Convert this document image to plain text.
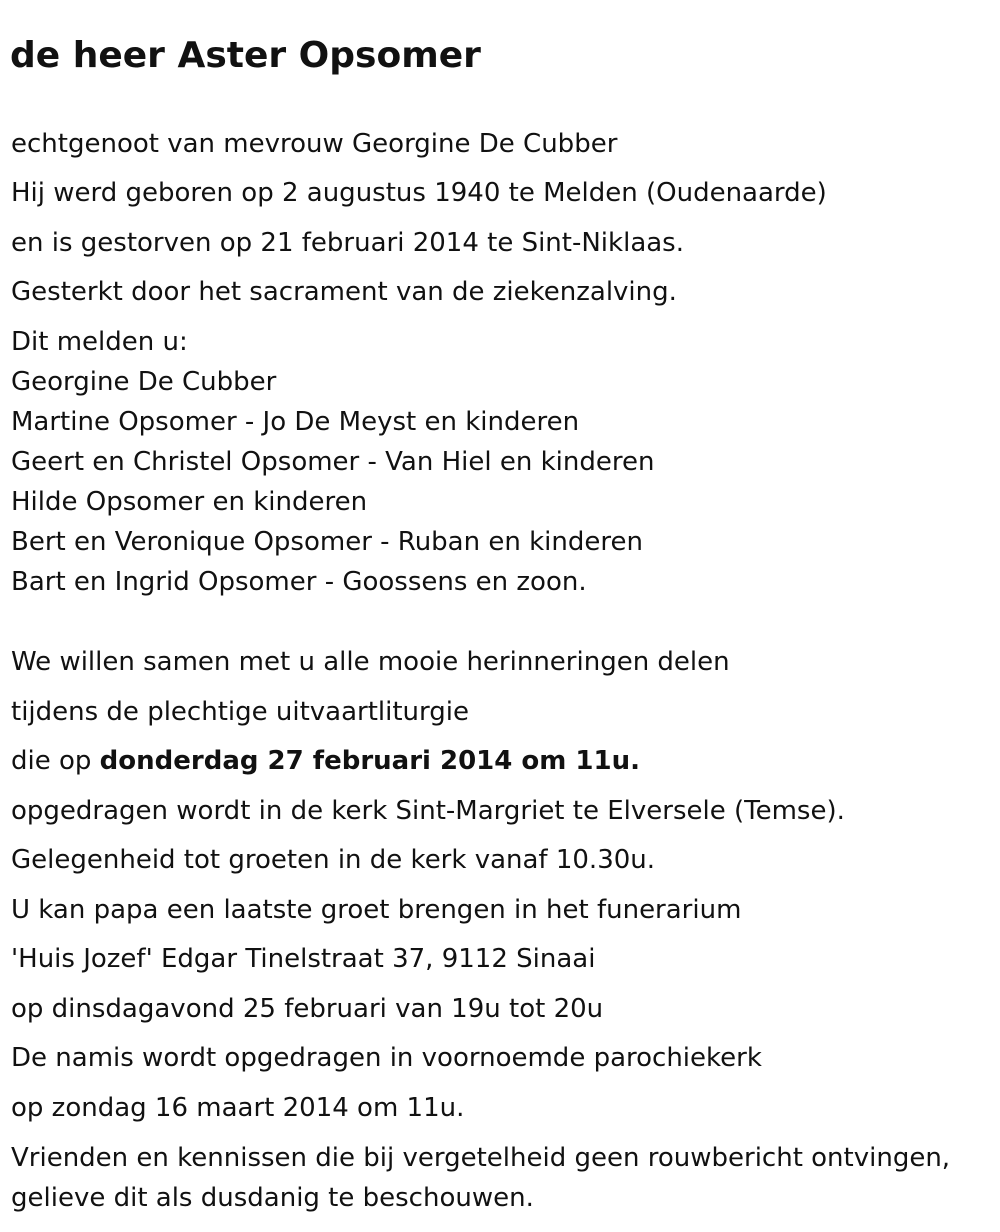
de heer Aster Opsomer

echtgenoot van mevrouw Georgine De Cubber

Hij werd geboren op 2 augustus 1940 te Melden (Oudenaarde)

en is gestorven op 21 februari 2014 te Sint-Niklaas.

Gesterkt door het sacrament van de ziekenzalving.

Dit melden u:

Georgine De Cubber

Martine Opsomer - Jo De Meyst en kinderen

Geert en Christel Opsomer - Van Hiel en kinderen

Hilde Opsomer en kinderen

Bert en Veronique Opsomer - Ruban en kinderen

Bart en Ingrid Opsomer - Goossens en zoon.

We willen samen met u alle mooie herinneringen delen

tijdens de plechtige uitvaartliturgie

die op donderdag 27 februari 2014 om 11u.

opgedragen wordt in de kerk Sint-Margriet te Elversele (Temse).

Gelegenheid tot groeten in de kerk vanaf 10.30u.

U kan papa een laatste groet brengen in het funerarium

'Huis Jozef' Edgar Tinelstraat 37, 9112 Sinaai

op dinsdagavond 25 februari van 19u tot 20u

De namis wordt opgedragen in voornoemde parochiekerk

op zondag 16 maart 2014 om 11u.

Vrienden en kennissen die bij vergetelheid geen rouwbericht ontvingen,

gelieve dit als dusdanig te beschouwen.
